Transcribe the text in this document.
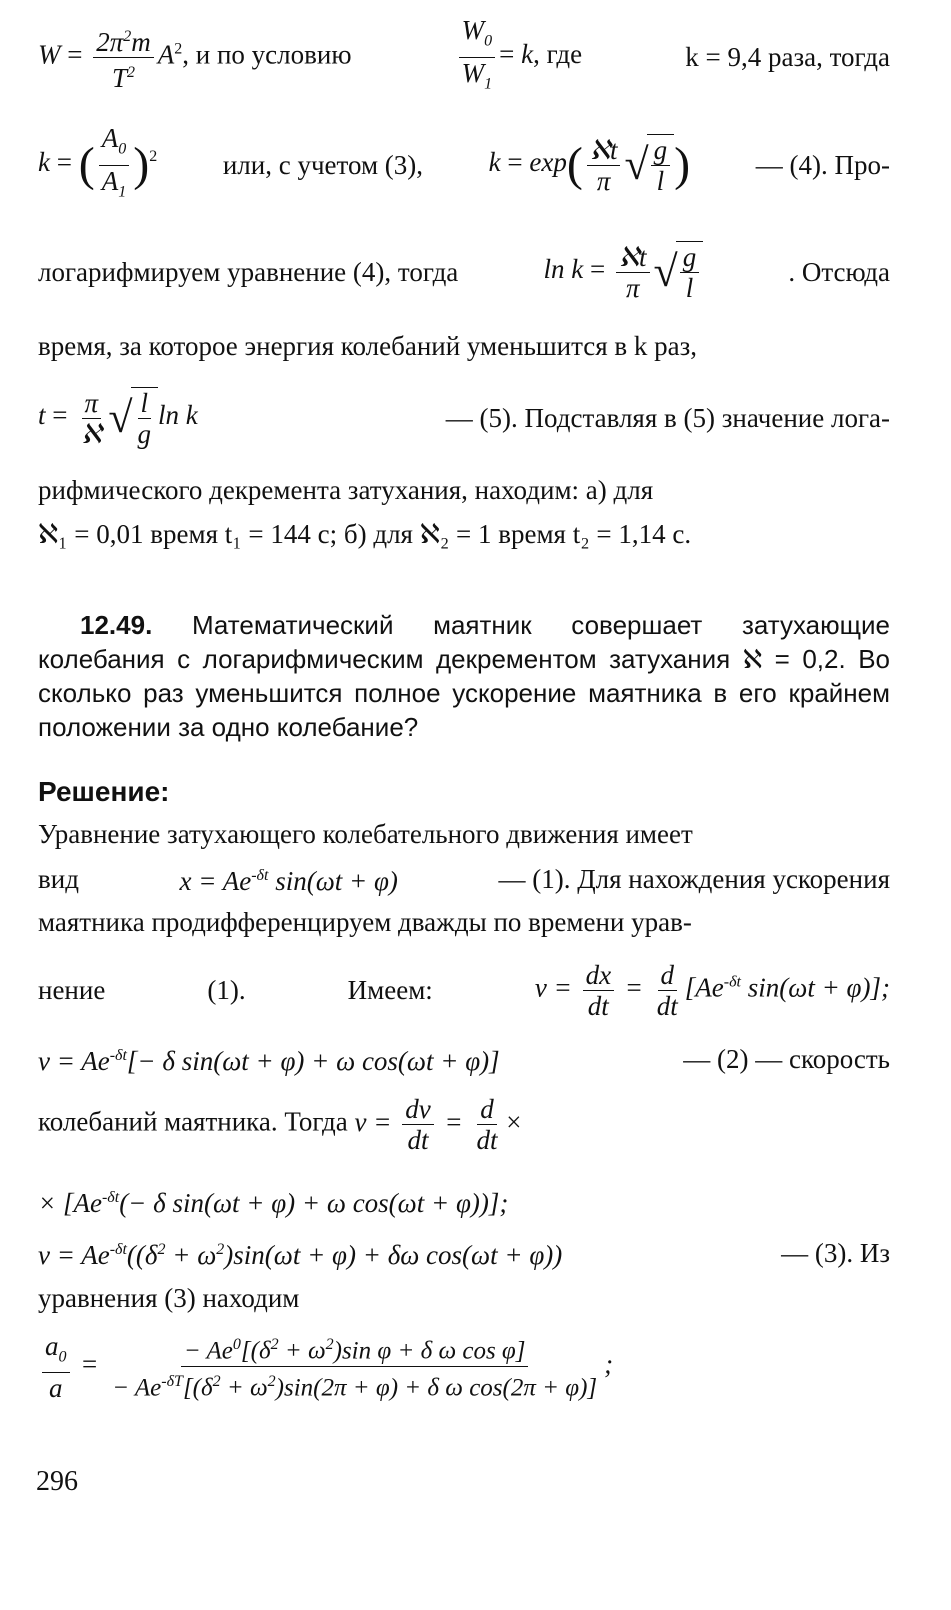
$W = \frac{2\pi^2m}{T^2} A^2$, и по условию	$\frac{W_0}{W_1} = k$, где	k = 9,4 раза, тогда
k = ( $\frac{A_0}{A_1} )^2$ или, с учетом (3), $k = \exp( \frac{\text{ℵt}}{\pi}$ √ $\frac{g}{l}$ ) — (4). Про-
логарифмируем уравнение (4), тогда	$\ln k = \frac{\text{ℵt}}{\pi}$ √ $\frac{g}{l}$	. Отсюда
время, за которое энергия колебаний уменьшится в k раз,
$t = \frac{\pi}{\text{ℵ}}$ √ $\frac{l}{g}$ ln k	— (5). Подставляя в (5) значение лога-
рифмического декремента затухания, находим: а) для
ℵ₁ = 0,01 время t₁ = 144 с; б) для ℵ₂ = 1 время t₂ = 1,14 с.
12.49. Математический маятник совершает затухающие колебания с логарифмическим декрементом затухания ℵ = 0,2. Во сколько раз уменьшится полное ускорение маятника в его крайнем положении за одно колебание?
Решение:
Уравнение затухающего колебательного движения имеет
вид	$x = Ae^{-\delta t}$ sin(ωt + φ)	— (1). Для нахождения ускорения
маятника продифференцируем дважды по времени урав-
нение	(1).	Имеем:	$v = \frac{dx}{dt} = \frac{d}{dt} [Ae^{-\delta t}$ sin(ωt + φ)];
$v = Ae^{-\delta t}[- \delta$ sin(ωt + φ) + ω cos(ωt + φ)]	— (2) — скорость
колебаний маятника. Тогда $v = \frac{dv}{dt} = \frac{d}{dt}$ ×
× [$Ae^{-\delta t}(- \delta$ sin(ωt + φ) + ω cos(ωt + φ))];
$v = Ae^{-\delta t}((\delta^2 + \omega^2)\sin(\omega t + \varphi) + \delta\omega$ cos(ωt + φ))	— (3). Из
уравнения (3) находим
$\frac{a_0}{a} = \frac{- Ae^0[(\delta^2 + \omega^2)\sin \varphi + \delta \omega \cos \varphi]}{- Ae^{-\delta T}[(\delta^2 + \omega^2)\sin(2\pi + \varphi) + \delta \omega \cos(2\pi + \varphi)]}$ ;
296
